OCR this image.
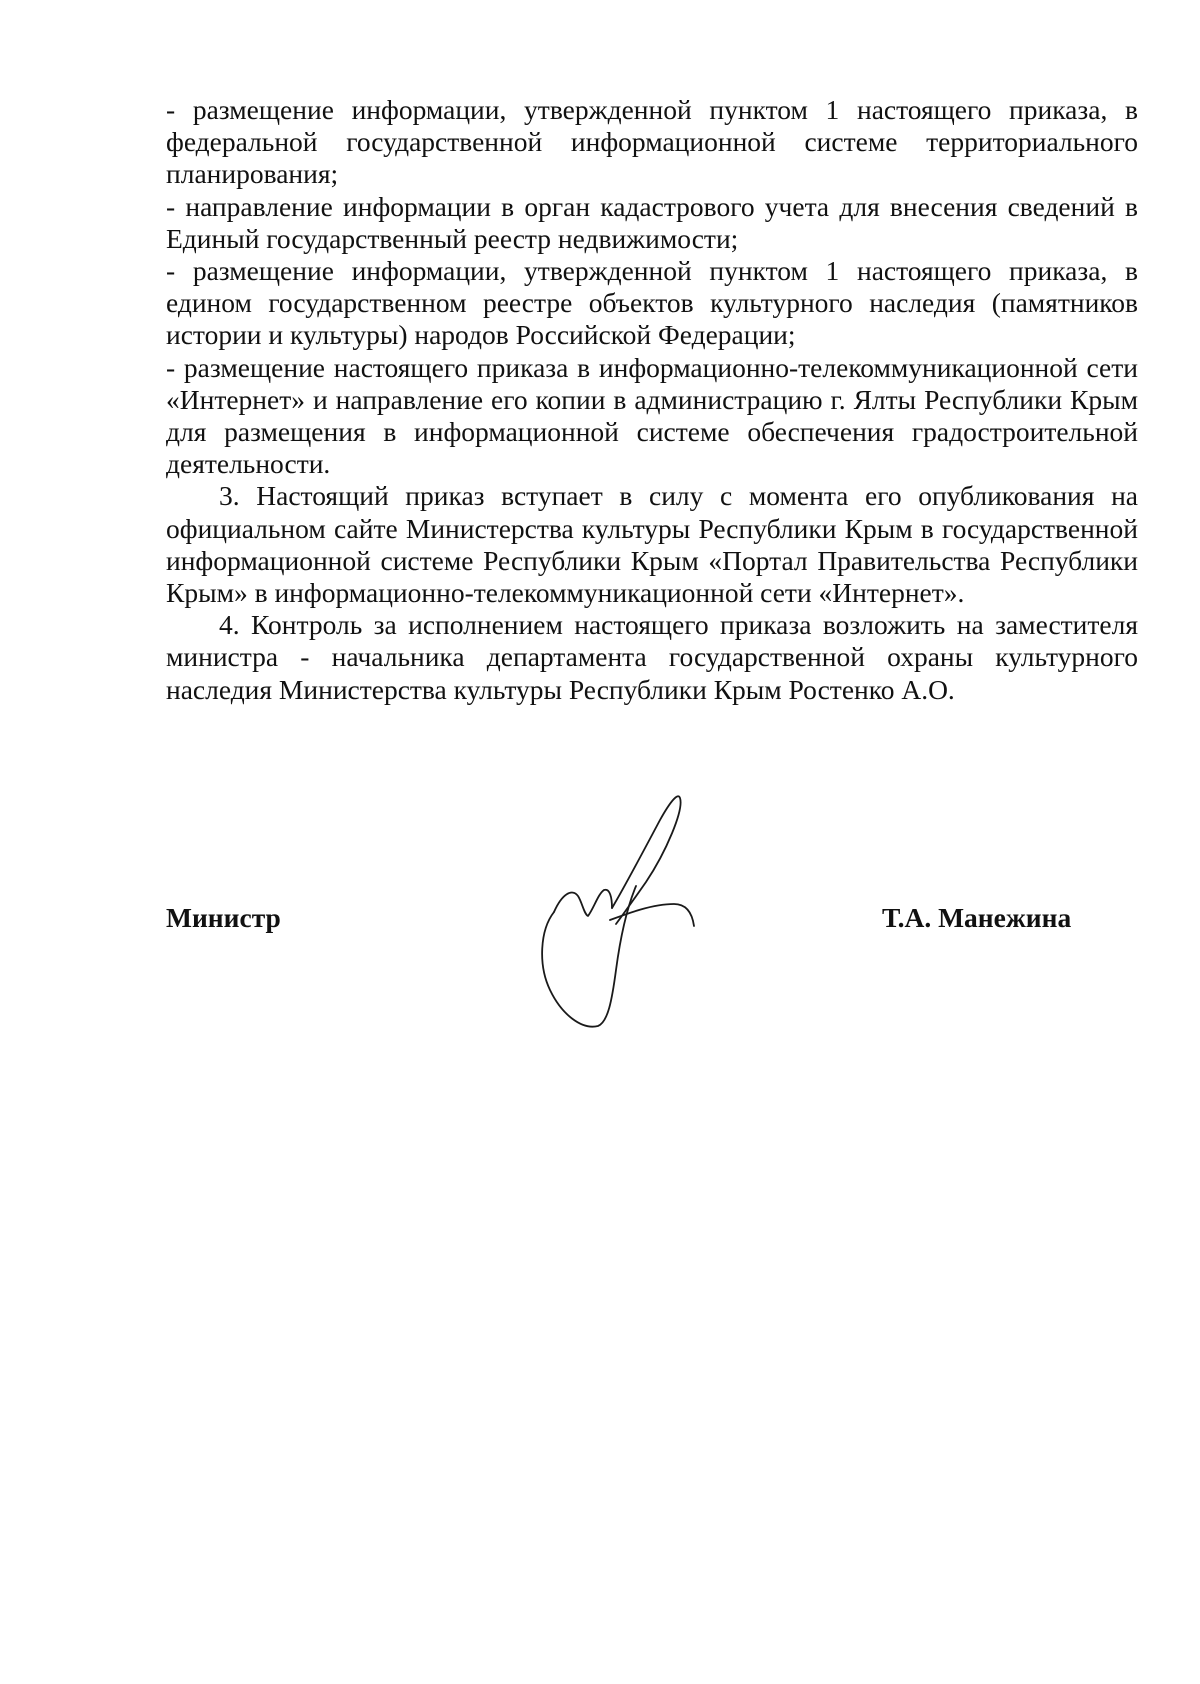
- размещение информации, утвержденной пунктом 1 настоящего приказа, в федеральной государственной информационной системе территориального планирования;

- направление информации в орган кадастрового учета для внесения сведений в Единый государственный реестр недвижимости;

- размещение информации, утвержденной пунктом 1 настоящего приказа, в едином государственном реестре объектов культурного наследия (памятников истории и культуры) народов Российской Федерации;

- размещение настоящего приказа в информационно-телекоммуникационной сети «Интернет» и направление его копии в администрацию г. Ялты Республики Крым для размещения в информационной системе обеспечения градостроительной деятельности.

3. Настоящий приказ вступает в силу с момента его опубликования на официальном сайте Министерства культуры Республики Крым в государственной информационной системе Республики Крым «Портал Правительства Республики Крым» в информационно-телекоммуникационной сети «Интернет».

4. Контроль за исполнением настоящего приказа возложить на заместителя министра - начальника департамента государственной охраны культурного наследия Министерства культуры Республики Крым Ростенко А.О.

Министр	Т.А. Манежина
